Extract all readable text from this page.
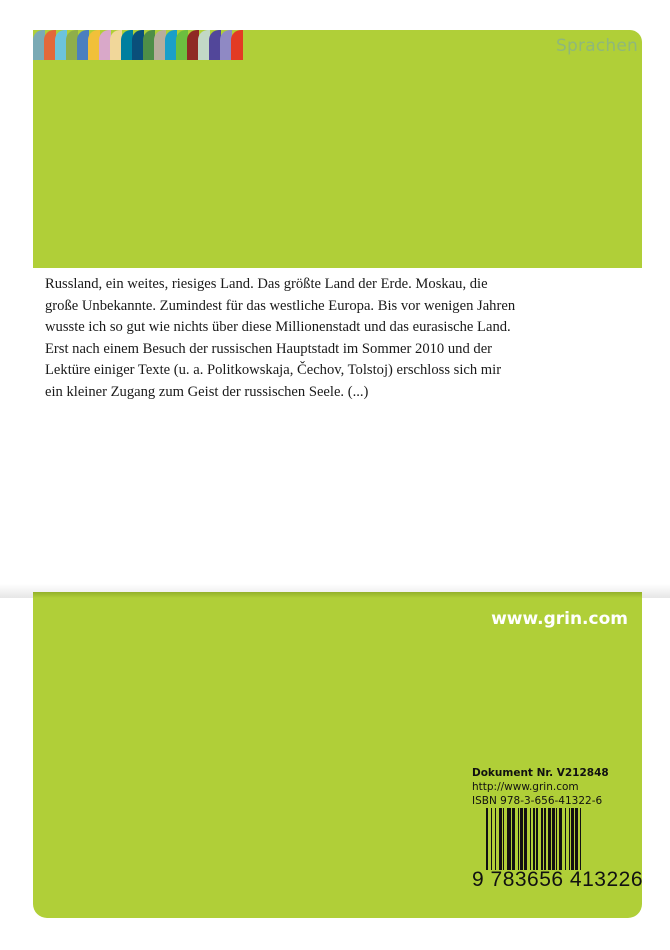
Sprachen

Russland, ein weites, riesiges Land. Das größte Land der Erde. Moskau, die

große Unbekannte. Zumindest für das westliche Europa. Bis vor wenigen Jahren

wusste ich so gut wie nichts über diese Millionenstadt und das eurasische Land.

Erst nach einem Besuch der russischen Hauptstadt im Sommer 2010 und der

Lektüre einiger Texte (u. a. Politkowskaja, Čechov, Tolstoj) erschloss sich mir

ein kleiner Zugang zum Geist der russischen Seele. (...)

www.grin.com
Dokument Nr. V212848
http://www.grin.com
ISBN 978-3-656-41322-6
9 783656 413226
